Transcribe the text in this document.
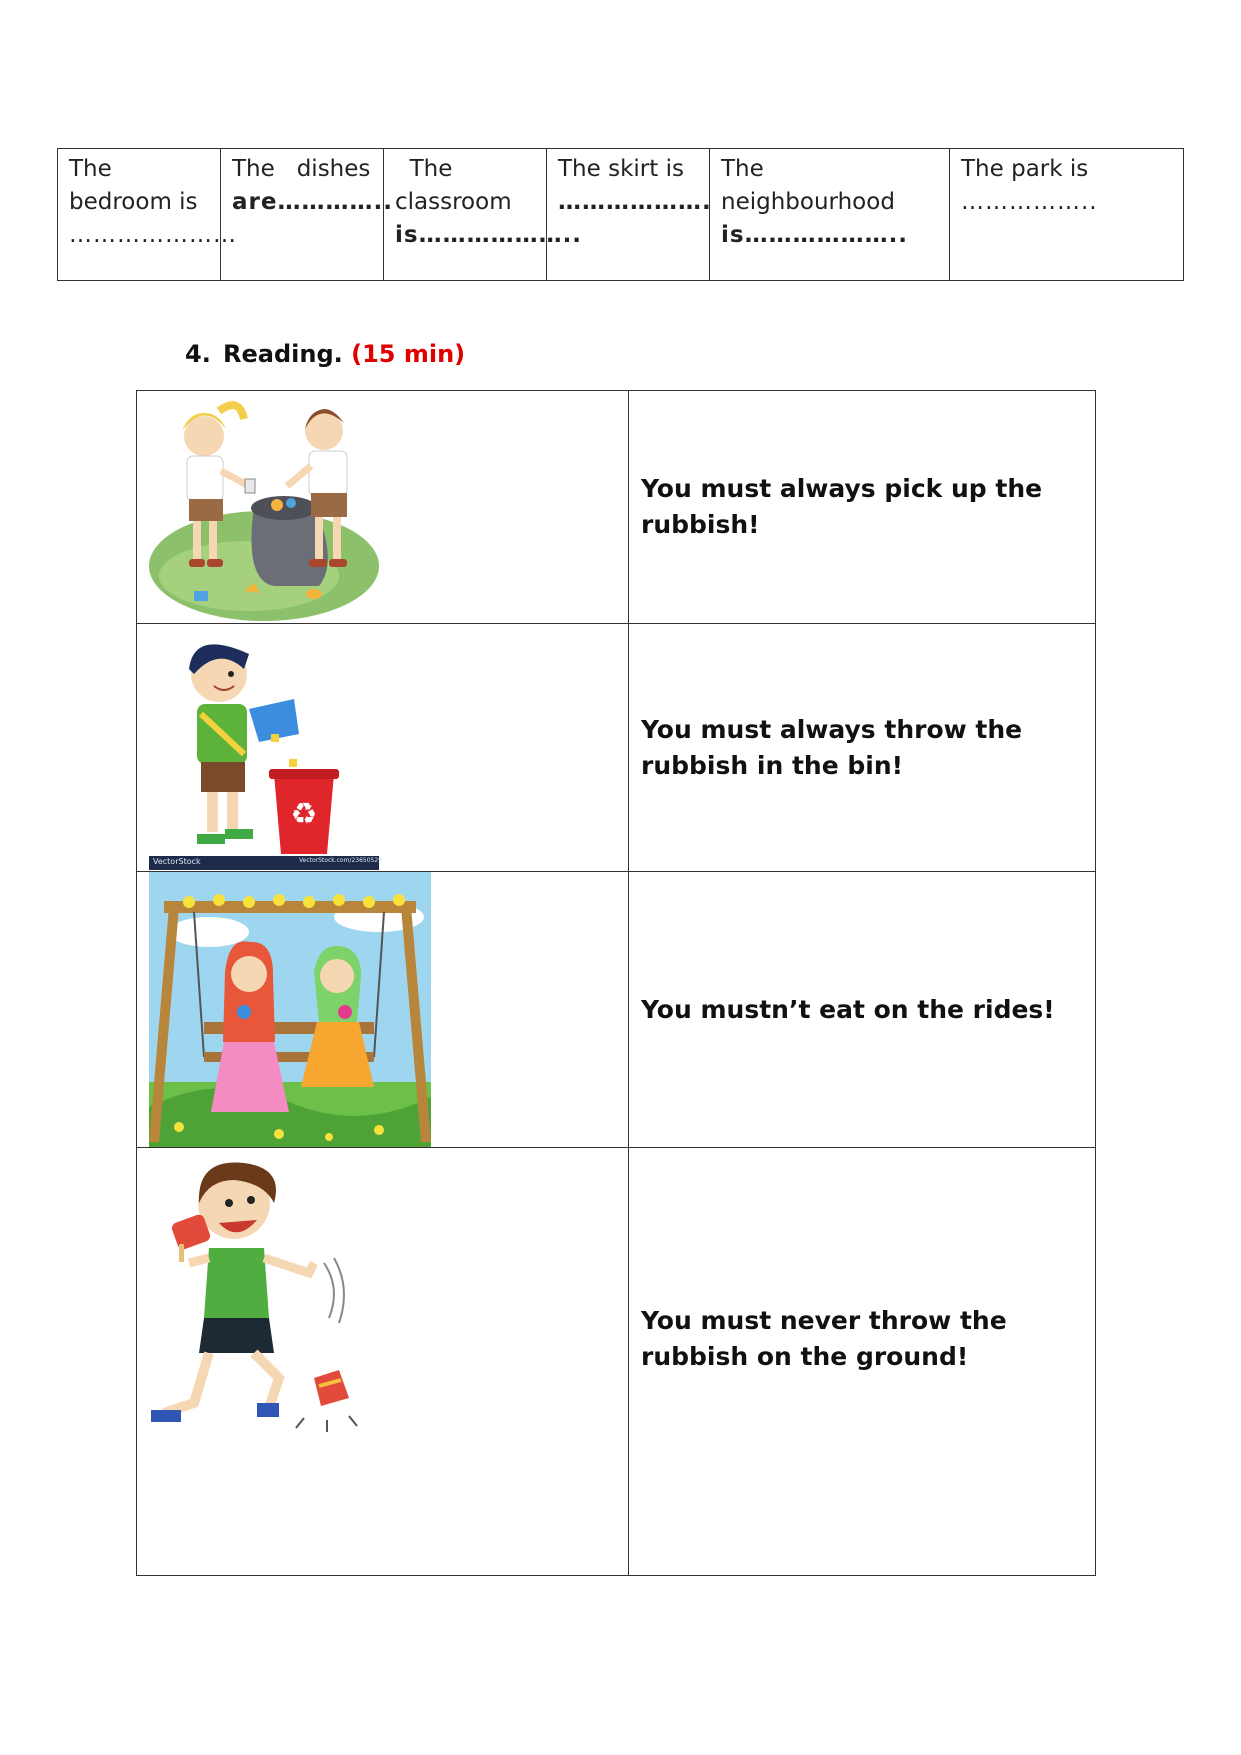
The
bedroom is
…………………

The   dishes
are…………..

The
classroom
is………………..

The skirt is
……………….

The
neighbourhood
is………………..

The park is
……………..
4. Reading. (15 min)

You must always pick up the rubbish!

♻
VectorStock VectorStock.com/23650529	You must always throw the rubbish in the bin!

You mustn’t eat on the rides!

You must never throw the rubbish on the ground!
